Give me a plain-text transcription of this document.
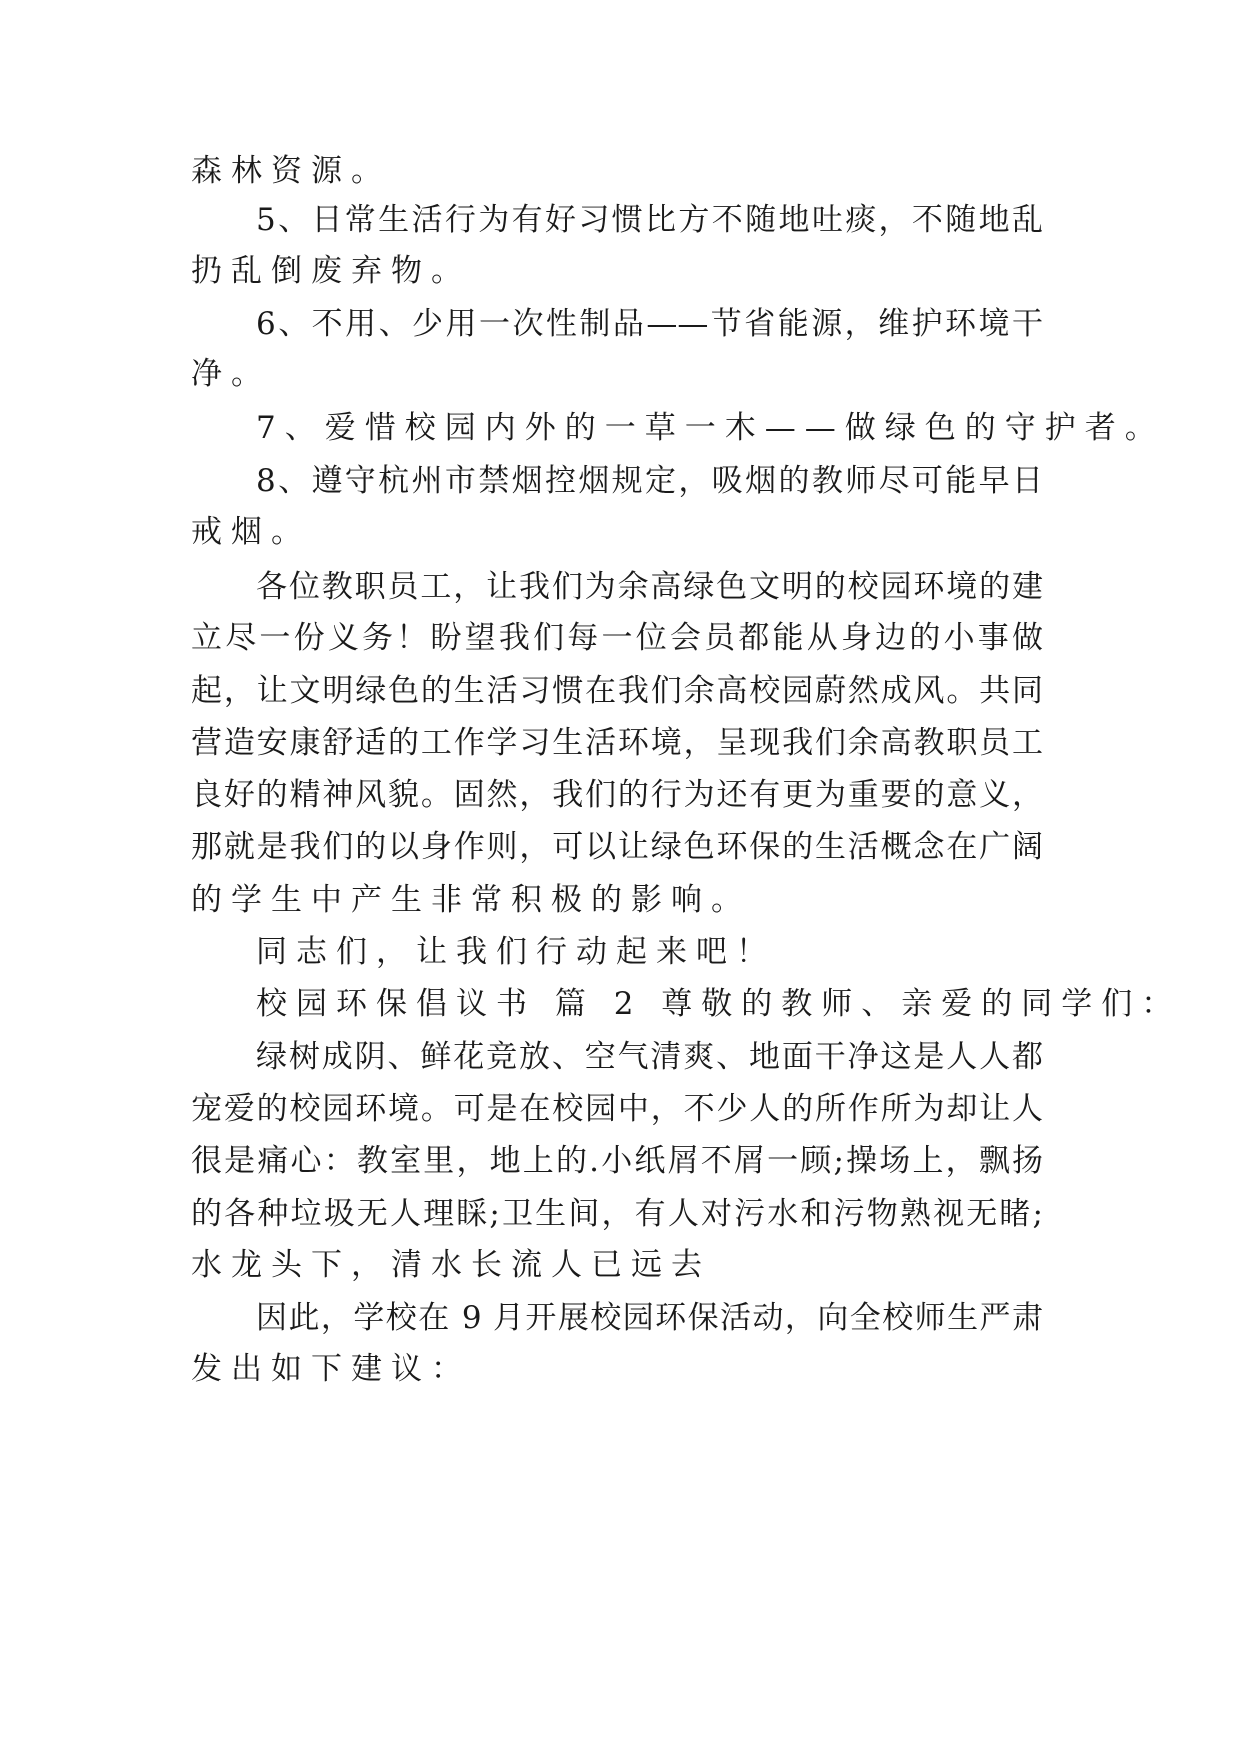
森林资源。
5、日常生活行为有好习惯比方不随地吐痰，不随地乱
扔乱倒废弃物。
6、不用、少用一次性制品——节省能源，维护环境干
净。
7、爱惜校园内外的一草一木——做绿色的守护者。
8、遵守杭州市禁烟控烟规定，吸烟的教师尽可能早日
戒烟。
各位教职员工，让我们为余高绿色文明的校园环境的建
立尽一份义务！盼望我们每一位会员都能从身边的小事做
起，让文明绿色的生活习惯在我们余高校园蔚然成风。共同
营造安康舒适的工作学习生活环境，呈现我们余高教职员工
良好的精神风貌。固然，我们的行为还有更为重要的意义，
那就是我们的以身作则，可以让绿色环保的生活概念在广阔
的学生中产生非常积极的影响。
同志们，让我们行动起来吧！
校园环保倡议书 篇 2 尊敬的教师、亲爱的同学们：
绿树成阴、鲜花竞放、空气清爽、地面干净这是人人都
宠爱的校园环境。可是在校园中，不少人的所作所为却让人
很是痛心：教室里，地上的.小纸屑不屑一顾;操场上，飘扬
的各种垃圾无人理睬;卫生间，有人对污水和污物熟视无睹;
水龙头下，清水长流人已远去
因此，学校在 9 月开展校园环保活动，向全校师生严肃
发出如下建议：
